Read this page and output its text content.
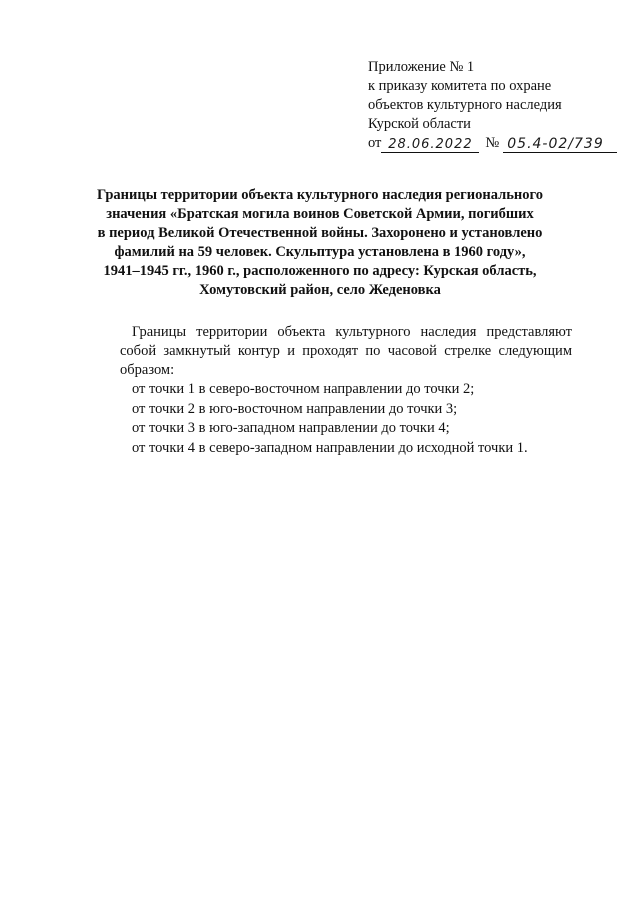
Приложение № 1
к приказу комитета по охране
объектов культурного наследия
Курской области
от 28.06.2022 № 05.4-02/739
Границы территории объекта культурного наследия регионального
значения «Братская могила воинов Советской Армии, погибших
в период Великой Отечественной войны. Захоронено и установлено
фамилий на 59 человек. Скульптура установлена в 1960 году»,
1941–1945 гг., 1960 г., расположенного по адресу: Курская область,
Хомутовский район, село Жеденовка

Границы территории объекта культурного наследия представляют собой замкнутый контур и проходят по часовой стрелке следующим образом:

от точки 1 в северо-восточном направлении до точки 2;
от точки 2 в юго-восточном направлении до точки 3;
от точки 3 в юго-западном направлении до точки 4;
от точки 4 в северо-западном направлении до исходной точки 1.
